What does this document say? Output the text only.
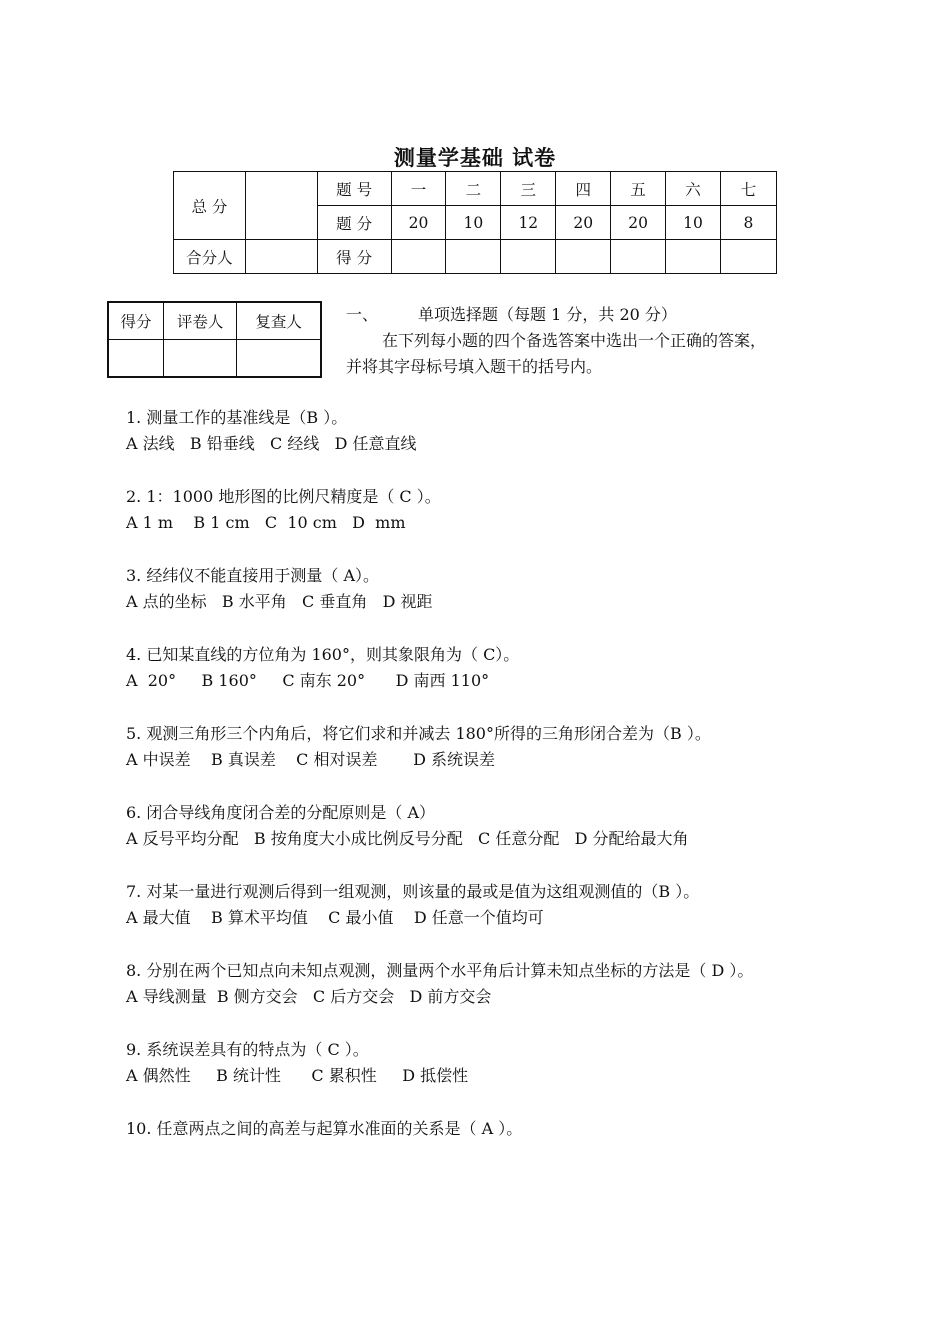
测量学基础 试卷
总 分		题 号	一	二	三	四	五	六	七
		题 分	20	10	12	20	20	10	8
合分人		得 分							
得分	评卷人	复查人
			一、 单项选择题（每题 1 分，共 20 分）
在下列每小题的四个备选答案中选出一个正确的答案，
并将其字母标号填入题干的括号内。
1. 测量工作的基准线是（B ）。
A 法线   B 铅垂线   C 经线   D 任意直线
2. 1：1000 地形图的比例尺精度是（ C ）。
A 1 m    B 1 cm   C  10 cm   D  mm
3. 经纬仪不能直接用于测量（ A）。
A 点的坐标   B 水平角   C 垂直角   D 视距
4. 已知某直线的方位角为 160°，则其象限角为（ C）。
A  20°     B 160°     C 南东 20°      D 南西 110°
5. 观测三角形三个内角后，将它们求和并减去 180°所得的三角形闭合差为（B ）。
A 中误差    B 真误差    C 相对误差       D 系统误差
6. 闭合导线角度闭合差的分配原则是（ A）
A 反号平均分配   B 按角度大小成比例反号分配   C 任意分配   D 分配给最大角
7. 对某一量进行观测后得到一组观测，则该量的最或是值为这组观测值的（B ）。
A 最大值    B 算术平均值    C 最小值    D 任意一个值均可
8. 分别在两个已知点向未知点观测，测量两个水平角后计算未知点坐标的方法是（ D ）。
A 导线测量  B 侧方交会   C 后方交会   D 前方交会
9. 系统误差具有的特点为（ C ）。
A 偶然性     B 统计性      C 累积性     D 抵偿性
10. 任意两点之间的高差与起算水准面的关系是（ A ）。
